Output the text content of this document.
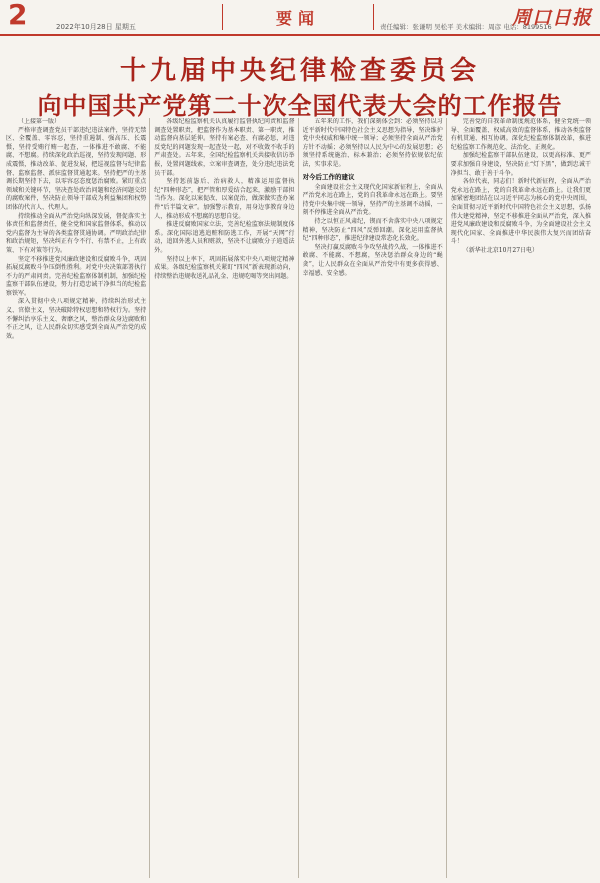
2	2022年10月28日 星期五	要闻	责任编辑：张谦明 吴松平 美术编辑：周彦 电话：8199516
周口日报
十九届中央纪律检查委员会
向中国共产党第二十次全国代表大会的工作报告

（上接第一版）

严格审查调查党员干部违纪违法案件，坚持无禁区、全覆盖、零容忍，坚持重遏制、强高压、长震慑，坚持受贿行贿一起查，一体推进不敢腐、不能腐、不想腐。持续深化政治巡视，坚持发现问题、形成震慑，推动改革、促进发展，把巡视监督与纪律监督、监察监督、派驻监督贯通起来。坚持把严的主基调长期坚持下去，以零容忍态度惩治腐败。紧盯重点领域和关键环节，坚决查处政治问题和经济问题交织的腐败案件，坚决防止领导干部成为利益集团和权势团体的代言人、代理人。

持续推动全面从严治党向纵深发展，督促落实主体责任和监督责任，健全党和国家监督体系，推动以党内监督为主导的各类监督贯通协调。严明政治纪律和政治规矩，坚决纠正有令不行、有禁不止，上有政策、下有对策等行为。

坚定不移推进党风廉政建设和反腐败斗争，巩固拓展反腐败斗争压倒性胜利。对党中央决策部署执行不力的严肃问责。完善纪检监察体制机制，加强纪检监察干部队伍建设，努力打造忠诚干净担当的纪检监察铁军。

深入贯彻中央八项规定精神，持续纠治形式主义、官僚主义，坚决破除特权思想和特权行为。坚持不懈纠治享乐主义、奢靡之风，整治群众身边腐败和不正之风，让人民群众切实感受到全面从严治党的成效。

各级纪检监察机关认真履行监督执纪问责和监督调查处置职责，把监督作为基本职责、第一职责，推动监督向基层延伸。坚持有案必查、有腐必惩，对违反党纪的问题发现一起查处一起，对不收敛不收手的严肃查处。五年来，全国纪检监察机关共接收信访举报，处置问题线索，立案审查调查，处分违纪违法党员干部。

坚持惩前毖后、治病救人，精准运用监督执纪“四种形态”，把严管和厚爱结合起来，激励干部担当作为。深化以案促改、以案促治，做深做实查办案件“后半篇文章”。加强警示教育，用身边事教育身边人，推动形成不想腐的思想自觉。

推进反腐败国家立法，完善纪检监察法规制度体系。深化国际追逃追赃和防逃工作，开展“天网”行动，追回外逃人员和赃款，坚决不让腐败分子逍遥法外。

坚持以上率下，巩固拓展落实中央八项规定精神成果。各级纪检监察机关紧盯“四风”新表现新动向，持续整治违规收送礼品礼金、违规吃喝等突出问题。

五年来的工作，我们深刻体会到：必须坚持以习近平新时代中国特色社会主义思想为指导，坚决维护党中央权威和集中统一领导；必须坚持全面从严治党方针不动摇；必须坚持以人民为中心的发展思想；必须坚持系统施治、标本兼治；必须坚持依规依纪依法，实事求是。

对今后工作的建议

全面建设社会主义现代化国家新征程上，全面从严治党永远在路上，党的自我革命永远在路上。要坚持党中央集中统一领导，坚持严的主基调不动摇，一刻不停推进全面从严治党。

持之以恒正风肃纪，锲而不舍落实中央八项规定精神，坚决防止“四风”反弹回潮。深化运用监督执纪“四种形态”，推进纪律建设常态化长效化。

坚决打赢反腐败斗争攻坚战持久战，一体推进不敢腐、不能腐、不想腐，坚决惩治群众身边的“蝇贪”，让人民群众在全面从严治党中有更多获得感、幸福感、安全感。

完善党的自我革命制度规范体系，健全党统一领导、全面覆盖、权威高效的监督体系，推动各类监督有机贯通、相互协调。深化纪检监察体制改革，推进纪检监察工作规范化、法治化、正规化。

加强纪检监察干部队伍建设，以更高标准、更严要求加强自身建设，坚决防止“灯下黑”，做到忠诚干净担当、敢于善于斗争。

各位代表，同志们！新时代新征程，全面从严治党永远在路上，党的自我革命永远在路上。让我们更加紧密地团结在以习近平同志为核心的党中央周围，全面贯彻习近平新时代中国特色社会主义思想，弘扬伟大建党精神，坚定不移推进全面从严治党，深入推进党风廉政建设和反腐败斗争，为全面建设社会主义现代化国家、全面推进中华民族伟大复兴而团结奋斗！

（新华社北京10月27日电）
